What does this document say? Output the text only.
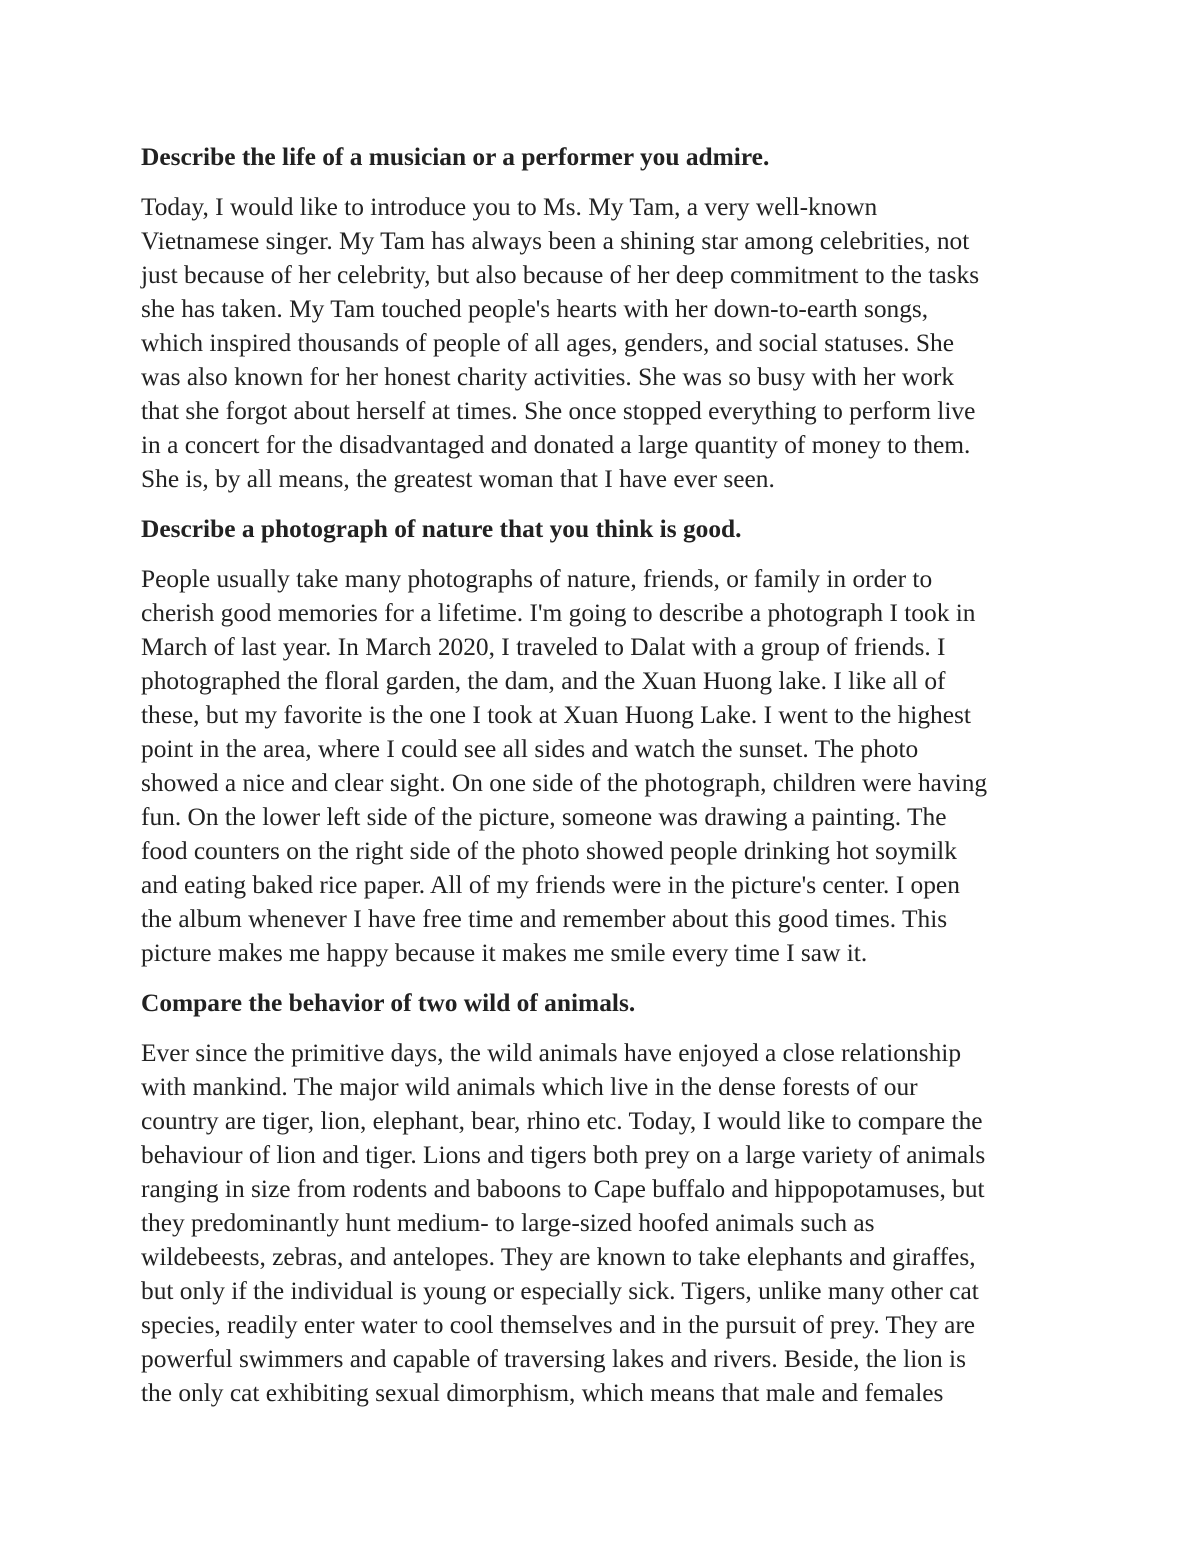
Describe the life of a musician or a performer you admire.
Today, I would like to introduce you to Ms. My Tam, a very well-known
Vietnamese singer. My Tam has always been a shining star among celebrities, not
just because of her celebrity, but also because of her deep commitment to the tasks
she has taken. My Tam touched people's hearts with her down-to-earth songs,
which inspired thousands of people of all ages, genders, and social statuses. She
was also known for her honest charity activities. She was so busy with her work
that she forgot about herself at times. She once stopped everything to perform live
in a concert for the disadvantaged and donated a large quantity of money to them.
She is, by all means, the greatest woman that I have ever seen.
Describe a photograph of nature that you think is good.
People usually take many photographs of nature, friends, or family in order to
cherish good memories for a lifetime. I'm going to describe a photograph I took in
March of last year. In March 2020, I traveled to Dalat with a group of friends. I
photographed the floral garden, the dam, and the Xuan Huong lake. I like all of
these, but my favorite is the one I took at Xuan Huong Lake. I went to the highest
point in the area, where I could see all sides and watch the sunset. The photo
showed a nice and clear sight. On one side of the photograph, children were having
fun. On the lower left side of the picture, someone was drawing a painting. The
food counters on the right side of the photo showed people drinking hot soymilk
and eating baked rice paper. All of my friends were in the picture's center. I open
the album whenever I have free time and remember about this good times. This
picture makes me happy because it makes me smile every time I saw it.
Compare the behavior of two wild of animals.
Ever since the primitive days, the wild animals have enjoyed a close relationship
with mankind. The major wild animals which live in the dense forests of our
country are tiger, lion, elephant, bear, rhino etc. Today, I would like to compare the
behaviour of lion and tiger. Lions and tigers both prey on a large variety of animals
ranging in size from rodents and baboons to Cape buffalo and hippopotamuses, but
they predominantly hunt medium- to large-sized hoofed animals such as
wildebeests, zebras, and antelopes. They are known to take elephants and giraffes,
but only if the individual is young or especially sick. Tigers, unlike many other cat
species, readily enter water to cool themselves and in the pursuit of prey. They are
powerful swimmers and capable of traversing lakes and rivers. Beside, the lion is
the only cat exhibiting sexual dimorphism, which means that male and females
